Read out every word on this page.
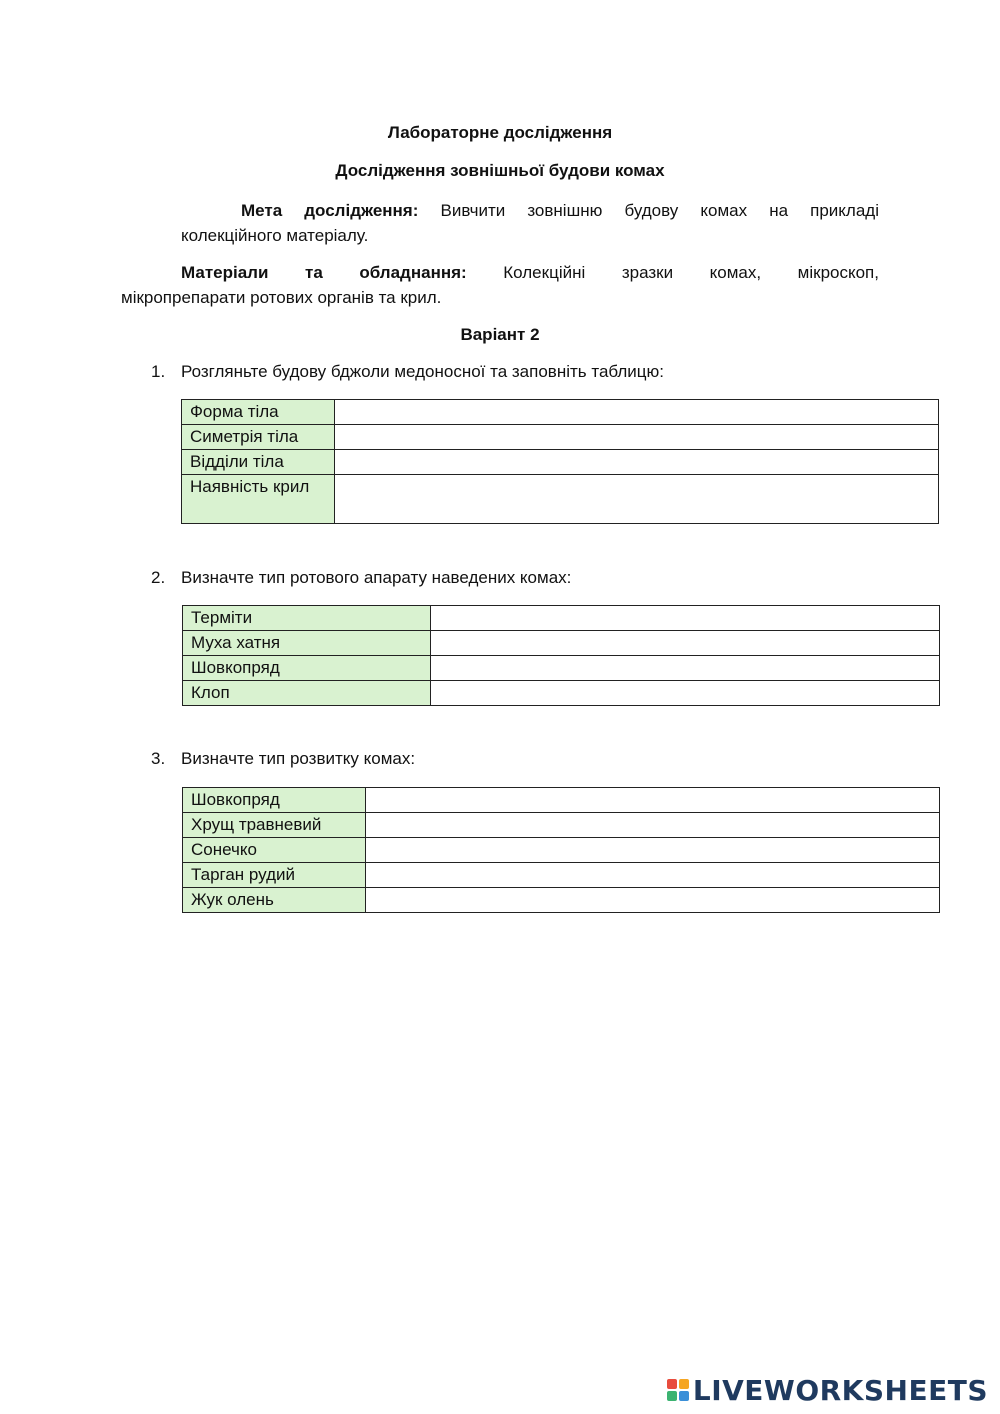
Лабораторне дослідження
Дослідження зовнішньої будови комах
Мета дослідження: Вивчити зовнішню будову комах на прикладі
колекційного матеріалу.
Матеріали та обладнання: Колекційні зразки комах, мікроскоп,
мікропрепарати ротових органів та крил.
Варіант 2
1. Розгляньте будову бджоли медоносної та заповніть таблицю:
Форма тіла	
Симетрія тіла	
Відділи тіла	
Наявність крил	
2. Визначте тип ротового апарату наведених комах:
Терміти	
Муха хатня	
Шовкопряд	
Клоп	
3. Визначте тип розвитку комах:
Шовкопряд	
Хрущ травневий	
Сонечко	
Тарган рудий	
Жук олень	
LIVEWORKSHEETS
